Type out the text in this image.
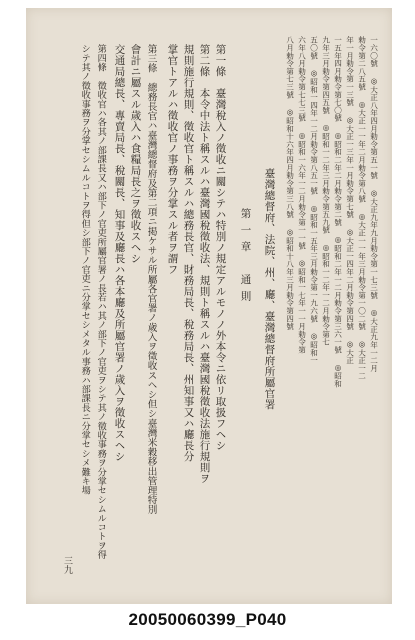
一六〇號 ◎大正八年四月勅令第五一號 ◎大正九年九月勅令第一七三號 ◎大正九年一二月
勅令第二八五號 ◎大正一一年二月勅令第八號 ◎大正一一年三月勅令第一〇二號 ◎大正一二
年一月勅令第一三號 ◎大正一三年一月勅令第七號 ◎大正一四年二月勅令第四號 ◎大正
一五年四月勅令第七〇號 ◎昭和二年二月勅令第二號 ◎昭和二年一二月勅令第三六一號 ◎昭和
九年三月勅令第四五號 ◎昭和一二年三月勅令第五九號 ◎昭和一二年一二月勅令第七
五〇號 ◎昭和一四年一二月勅令第八五一號 ◎昭和一五年三月勅令第一九六號 ◎昭和一
六年八月勅令第七七三號 ◎昭和一六年一二月勅令第一一號 ◎昭和一七年一一月勅令第
八月勅令第七三號 ◎昭和十六年四月勅令第三八號 ◎昭和十八年三月勅令第四號
臺灣總督府、法院、州、廳、臺灣總督府所屬官署
第一章　通則
第一條　臺灣稅入ノ徵收ニ關シテハ特別ノ規定アルモノノ外本令ニ依リ取扱フヘシ
第二條　本令中法ト稱スルハ臺灣國稅徵收法、規則ト稱スルハ臺灣國稅徵收法施行規則ヲ
規則施行規則、徵收官ト稱スルハ總務長官、財務局長、稅務局長、州知事又ハ廳長分
掌官トアルハ徵收官ノ事務ヲ分掌スル者ヲ謂フ
第三條　總務長官ハ臺灣總督府及第二項ニ掲ケサル所屬各官署ノ歲入ヲ徵收スヘシ但シ臺灣米穀移出管理特別
會計ニ屬スル歲入ハ食糧局長之ヲ徵收スヘシ
交通局總長、專賣局長、稅關長、知事及廳長ハ各本廳及所屬官署ノ歲入ヲ徵收スヘシ
第四條　徵收官ハ各其ノ部課長又ハ部下ノ官吏所屬官署ノ長若ハ其ノ部下ノ官吏ヲシテ其ノ徵收事務ヲ分掌セシムルコトヲ得
シテ其ノ徵收事務ヲ分掌セシムルコトヲ得但シ部下ノ官吏ニ分掌セシメタル事務ハ部課長ニ分掌セシメ難キ場
三九
20050060399_P040
